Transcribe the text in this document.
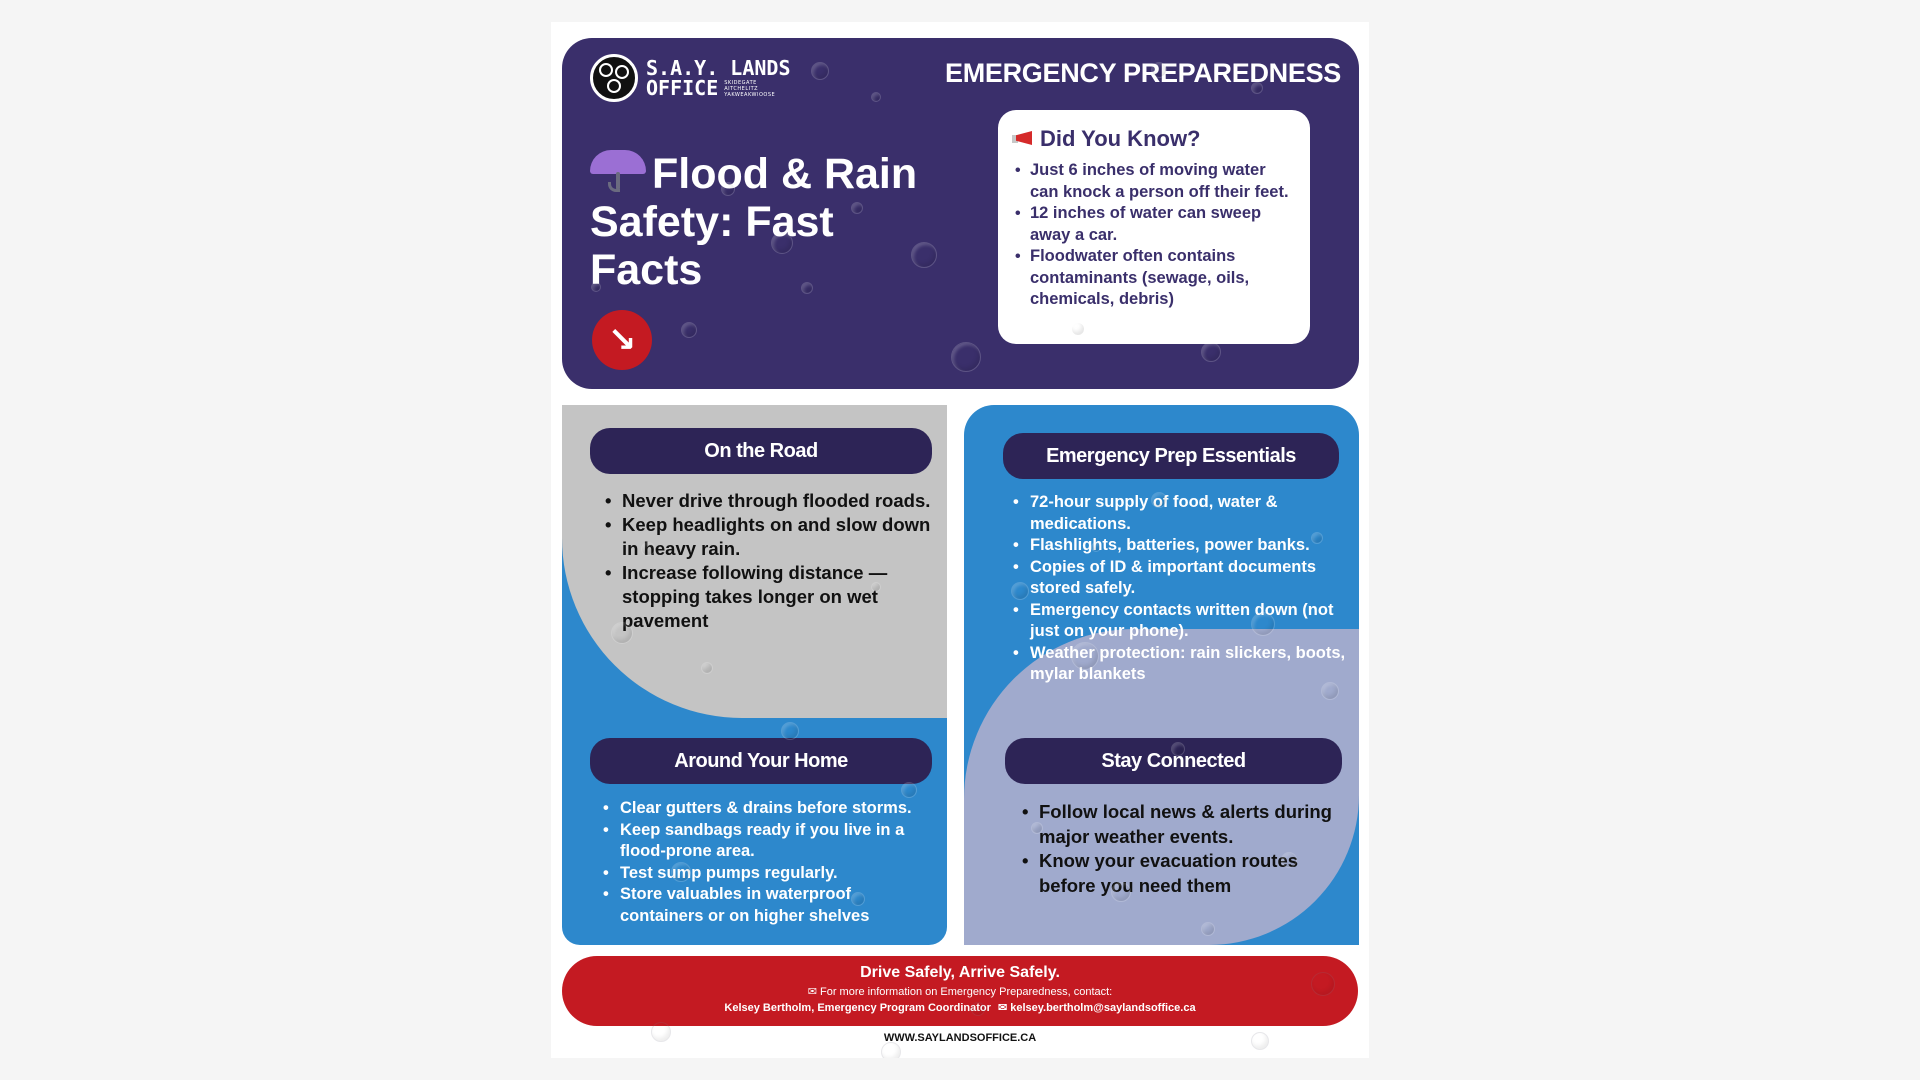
S.A.Y. LANDS
OFFICE SKIDEGATE
AITCHELITZ
YAKWEAKWIOOSE
EMERGENCY PREPAREDNESS
Flood & Rain Safety: Fast Facts
↘
Did You Know?
• Just 6 inches of moving water can knock a person off their feet.
• 12 inches of water can sweep away a car.
• Floodwater often contains contaminants (sewage, oils, chemicals, debris)
On the Road
• Never drive through flooded roads.
• Keep headlights on and slow down in heavy rain.
• Increase following distance — stopping takes longer on wet pavement
Around Your Home
• Clear gutters & drains before storms.
• Keep sandbags ready if you live in a flood-prone area.
• Test sump pumps regularly.
• Store valuables in waterproof containers or on higher shelves
Emergency Prep Essentials
• 72-hour supply of food, water & medications.
• Flashlights, batteries, power banks.
• Copies of ID & important documents stored safely.
• Emergency contacts written down (not just on your phone).
• Weather protection: rain slickers, boots, mylar blankets
Stay Connected
• Follow local news & alerts during major weather events.
• Know your evacuation routes before you need them
Drive Safely, Arrive Safely.
✉ For more information on Emergency Preparedness, contact:
Kelsey Bertholm, Emergency Program Coordinator ✉ kelsey.bertholm@saylandsoffice.ca
WWW.SAYLANDSOFFICE.CA
